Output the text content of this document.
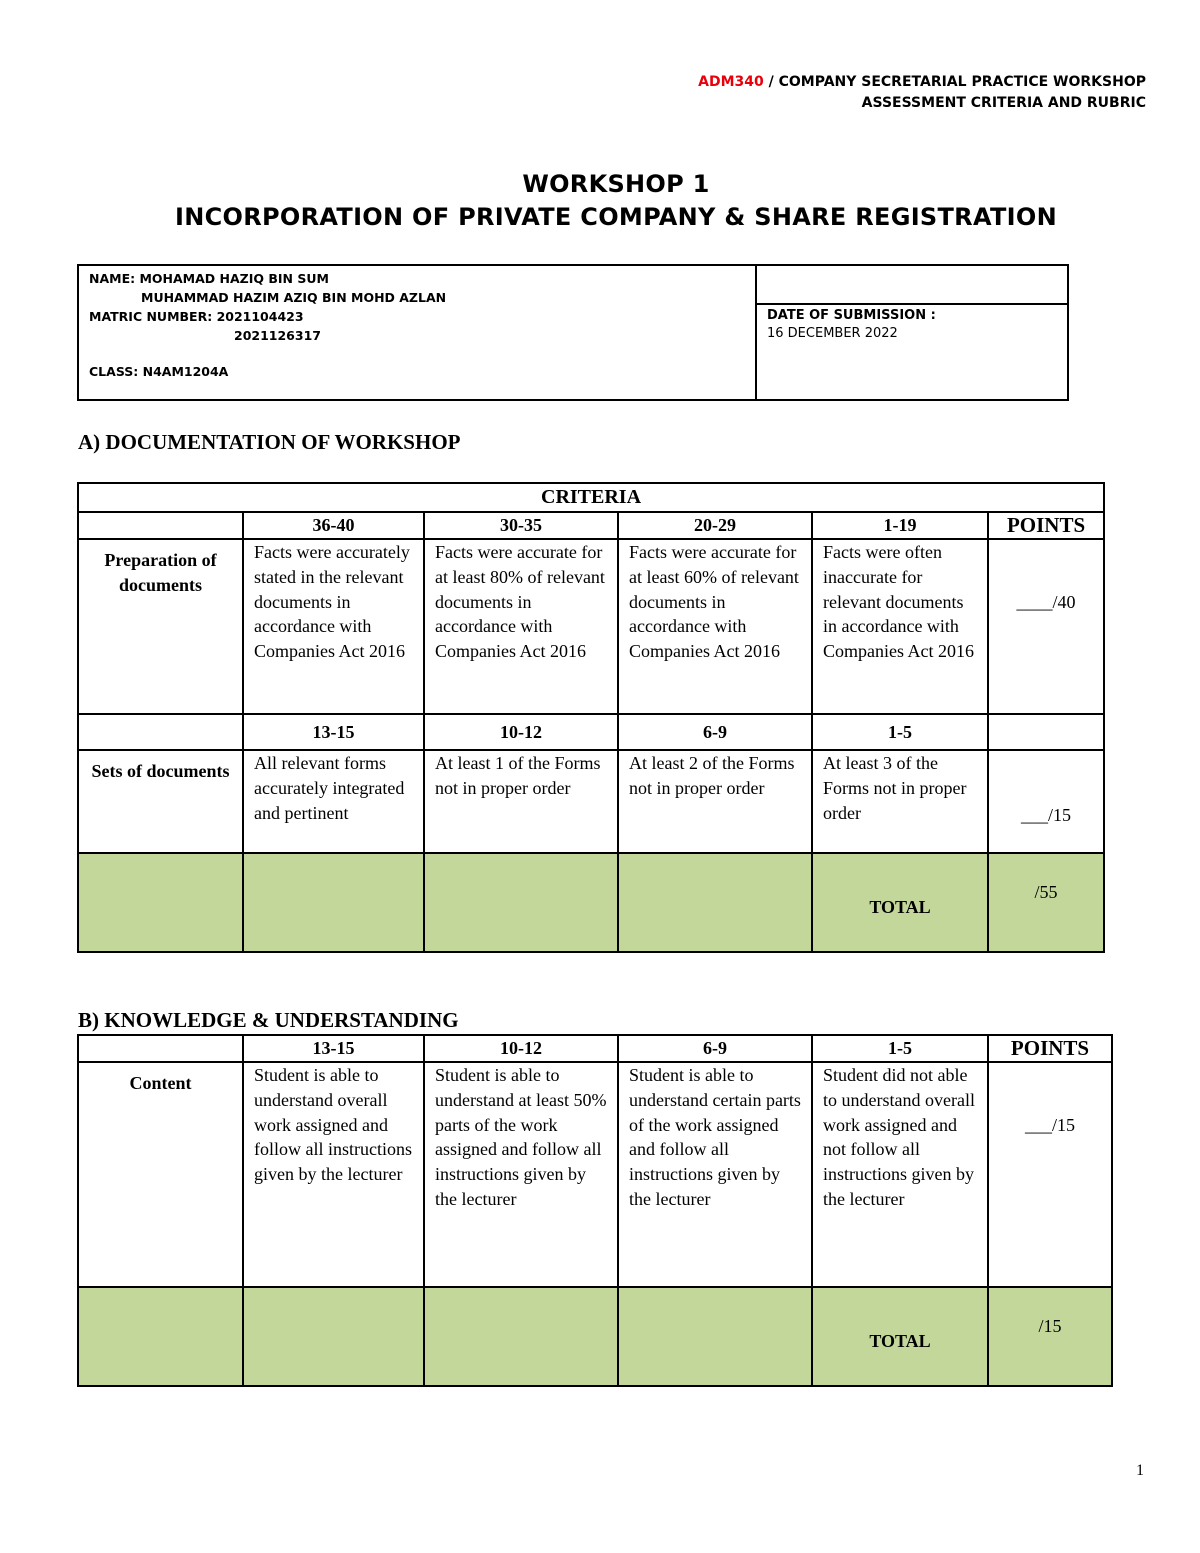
ADM340 / COMPANY SECRETARIAL PRACTICE WORKSHOP
ASSESSMENT CRITERIA AND RUBRIC
WORKSHOP 1
INCORPORATION OF PRIVATE COMPANY & SHARE REGISTRATION
NAME: MOHAMAD HAZIQ BIN SUM
MUHAMMAD HAZIM AZIQ BIN MOHD AZLAN
MATRIC NUMBER: 2021104423
2021126317
CLASS: N4AM1204A

DATE OF SUBMISSION :
16 DECEMBER 2022
A) DOCUMENTATION OF WORKSHOP
CRITERIA					
	36-40	30-35	20-29	1-19	POINTS
Preparation of documents	Facts were accurately stated in the relevant documents in accordance with Companies Act 2016	Facts were accurate for at least 80% of relevant documents in accordance with Companies Act 2016	Facts were accurate for at least 60% of relevant documents in accordance with Companies Act 2016	Facts were often inaccurate for relevant documents in accordance with Companies Act 2016	____/40
	13-15	10-12	6-9	1-5	
Sets of documents	All relevant forms accurately integrated and pertinent	At least 1 of the Forms not in proper order	At least 2 of the Forms not in proper order	At least 3 of the Forms not in proper order	___/15
				TOTAL	/55
B) KNOWLEDGE & UNDERSTANDING
	13-15	10-12	6-9	1-5	POINTS
Content	Student is able to understand overall work assigned and follow all instructions given by the lecturer	Student is able to understand at least 50% parts of the work assigned and follow all instructions given by the lecturer	Student is able to understand certain parts of the work assigned and follow all instructions given by the lecturer	Student did not able to understand overall work assigned and not follow all instructions given by the lecturer	___/15
				TOTAL	/15
1
